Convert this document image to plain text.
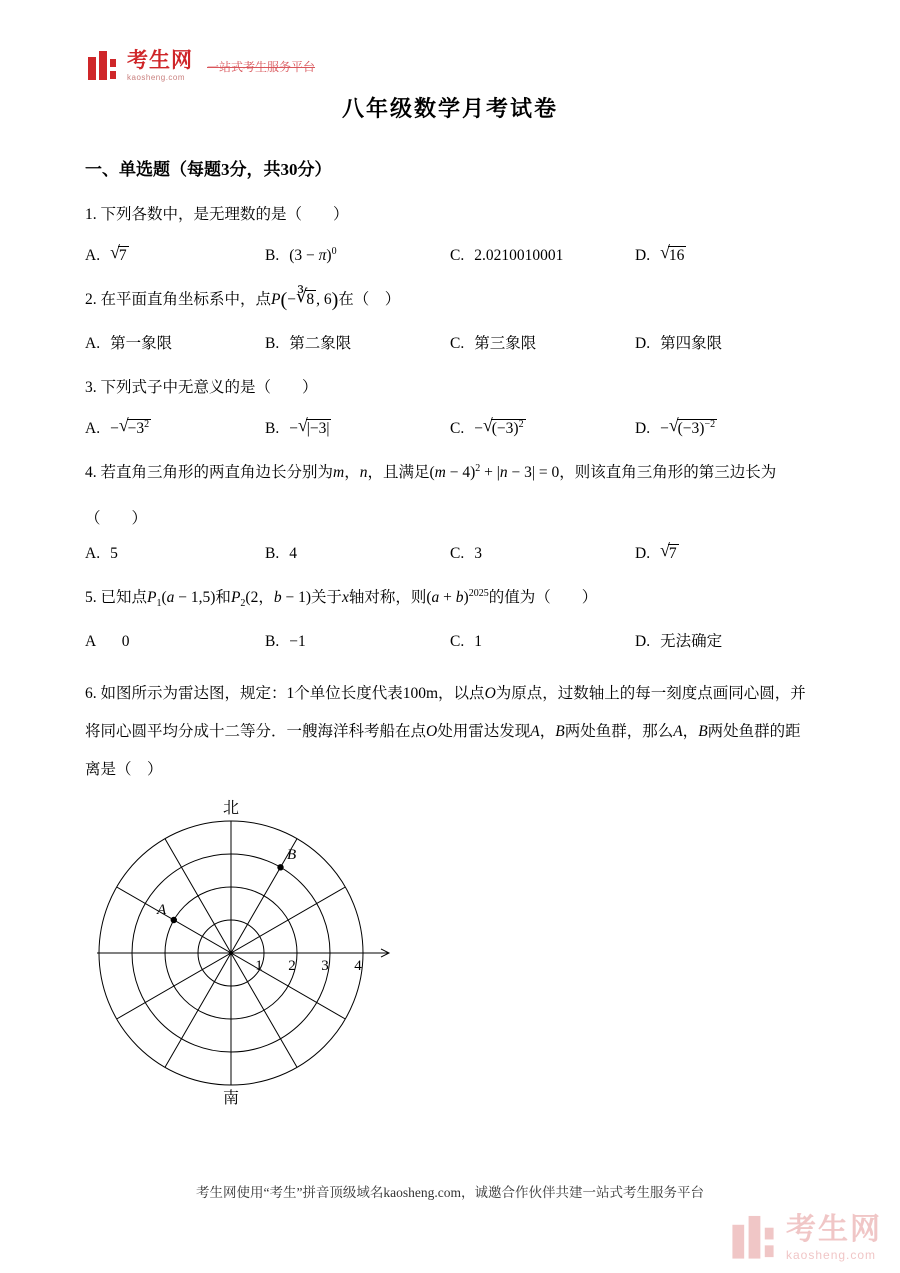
考生网
kaosheng.com
一站式考生服务平台
八年级数学月考试卷
一、单选题（每题3分，共30分）
1. 下列各数中，是无理数的是（　　）
A. √ 7	B. $(3 - \pi)^0$	C. 2.0210010001	D. √ 16
2. 在平面直角坐标系中，点P(− ∛ 8 , 6)在（　）
A. 第一象限	B. 第二象限	C. 第三象限	D. 第四象限
3. 下列式子中无意义的是（　　）
A. − √ $-3^2$	B. − √ |−3|	C. − √ $(-3)^2$	D. − √ $(-3)^{-2}$
4. 若直角三角形的两直角边长分别为m，n，且满足$(m - 4)^2 + |n - 3| = 0$，则该直角三角形的第三边长为
（　　）
A. 5	B. 4	C. 3	D. √ 7
5. 已知点$P_1(a - 1,5)$和$P_2(2$，b − 1)关于x轴对称，则$(a + b)^{2025}$的值为（　　）
A 　0	B. −1	C. 1	D. 无法确定
6. 如图所示为雷达图，规定：1个单位长度代表100m，以点O为原点，过数轴上的每一刻度点画同心圆，并将同心圆平均分成十二等分．一艘海洋科考船在点O处用雷达发现A，B两处鱼群，那么A，B两处鱼群的距离是（　）
1 2 3 4
北
南
A
B
考生网使用“考生”拼音顶级域名kaosheng.com，诚邀合作伙伴共建一站式考生服务平台
考生网
kaosheng.com
